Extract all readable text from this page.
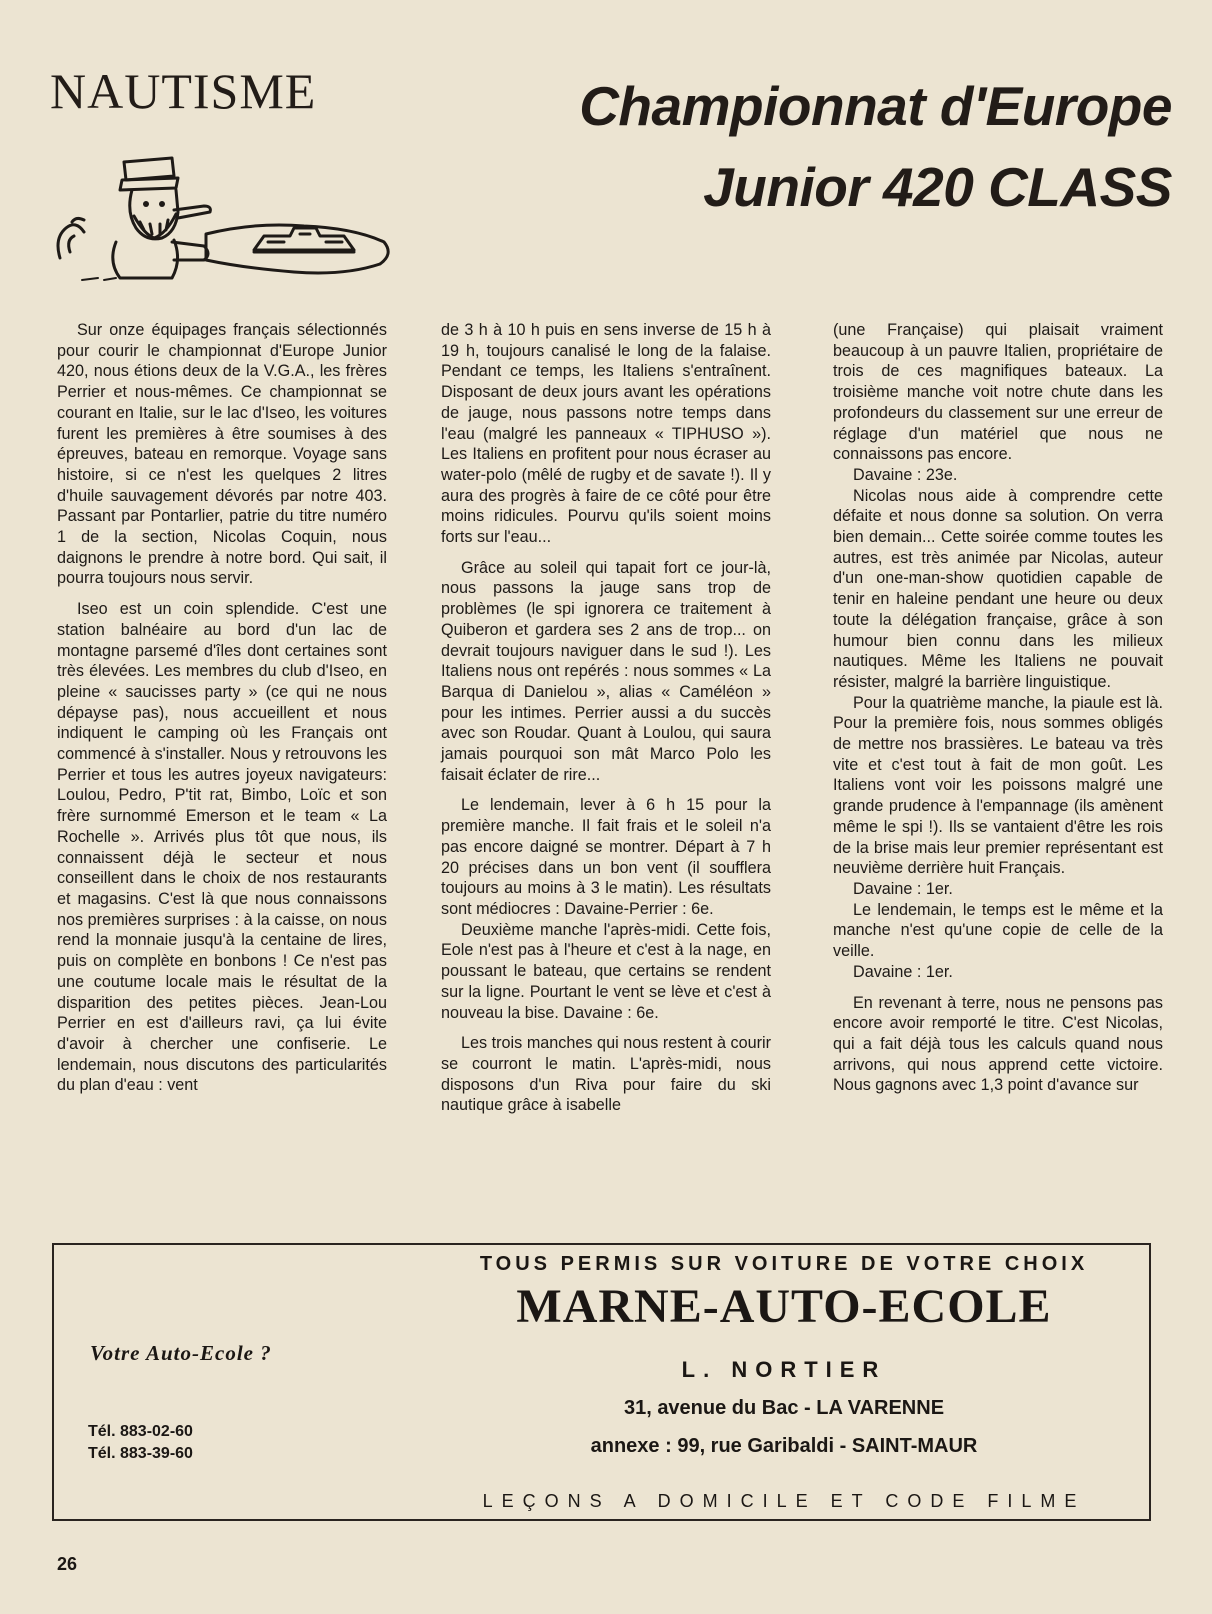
NAUTISME	Championnat d'Europe
Junior 420 CLASS

Sur onze équipages français sélectionnés pour courir le championnat d'Europe Junior 420, nous étions deux de la V.G.A., les frères Perrier et nous-mêmes. Ce championnat se courant en Italie, sur le lac d'Iseo, les voitures furent les premières à être soumises à des épreuves, bateau en remorque. Voyage sans histoire, si ce n'est les quelques 2 litres d'huile sauvagement dévorés par notre 403. Passant par Pontarlier, patrie du titre numéro 1 de la section, Nicolas Coquin, nous daignons le prendre à notre bord. Qui sait, il pourra toujours nous servir.

Iseo est un coin splendide. C'est une station balnéaire au bord d'un lac de montagne parsemé d'îles dont certaines sont très élevées. Les membres du club d'Iseo, en pleine « saucisses party » (ce qui ne nous dépayse pas), nous accueillent et nous indiquent le camping où les Français ont commencé à s'installer. Nous y retrouvons les Perrier et tous les autres joyeux navigateurs: Loulou, Pedro, P'tit rat, Bimbo, Loïc et son frère surnommé Emerson et le team « La Rochelle ». Arrivés plus tôt que nous, ils connaissent déjà le secteur et nous conseillent dans le choix de nos restaurants et magasins. C'est là que nous connaissons nos premières surprises : à la caisse, on nous rend la monnaie jusqu'à la centaine de lires, puis on complète en bonbons ! Ce n'est pas une coutume locale mais le résultat de la disparition des petites pièces. Jean-Lou Perrier en est d'ailleurs ravi, ça lui évite d'avoir à chercher une confiserie. Le lendemain, nous discutons des particularités du plan d'eau : vent

de 3 h à 10 h puis en sens inverse de 15 h à 19 h, toujours canalisé le long de la falaise. Pendant ce temps, les Italiens s'entraînent. Disposant de deux jours avant les opérations de jauge, nous passons notre temps dans l'eau (malgré les panneaux « TIPHUSO »). Les Italiens en profitent pour nous écraser au water-polo (mêlé de rugby et de savate !). Il y aura des progrès à faire de ce côté pour être moins ridicules. Pourvu qu'ils soient moins forts sur l'eau...

Grâce au soleil qui tapait fort ce jour-là, nous passons la jauge sans trop de problèmes (le spi ignorera ce traitement à Quiberon et gardera ses 2 ans de trop... on devrait toujours naviguer dans le sud !). Les Italiens nous ont repérés : nous sommes « La Barqua di Danielou », alias « Caméléon » pour les intimes. Perrier aussi a du succès avec son Roudar. Quant à Loulou, qui saura jamais pourquoi son mât Marco Polo les faisait éclater de rire...

Le lendemain, lever à 6 h 15 pour la première manche. Il fait frais et le soleil n'a pas encore daigné se montrer. Départ à 7 h 20 précises dans un bon vent (il soufflera toujours au moins à 3 le matin). Les résultats sont médiocres : Davaine-Perrier : 6e.

Deuxième manche l'après-midi. Cette fois, Eole n'est pas à l'heure et c'est à la nage, en poussant le bateau, que certains se rendent sur la ligne. Pourtant le vent se lève et c'est à nouveau la bise. Davaine : 6e.

Les trois manches qui nous restent à courir se courront le matin. L'après-midi, nous disposons d'un Riva pour faire du ski nautique grâce à isabelle

(une Française) qui plaisait vraiment beaucoup à un pauvre Italien, propriétaire de trois de ces magnifiques bateaux. La troisième manche voit notre chute dans les profondeurs du classement sur une erreur de réglage d'un matériel que nous ne connaissons pas encore.

Davaine : 23e.

Nicolas nous aide à comprendre cette défaite et nous donne sa solution. On verra bien demain... Cette soirée comme toutes les autres, est très animée par Nicolas, auteur d'un one-man-show quotidien capable de tenir en haleine pendant une heure ou deux toute la délégation française, grâce à son humour bien connu dans les milieux nautiques. Même les Italiens ne pouvait résister, malgré la barrière linguistique.

Pour la quatrième manche, la piaule est là. Pour la première fois, nous sommes obligés de mettre nos brassières. Le bateau va très vite et c'est tout à fait de mon goût. Les Italiens vont voir les poissons malgré une grande prudence à l'empannage (ils amènent même le spi !). Ils se vantaient d'être les rois de la brise mais leur premier représentant est neuvième derrière huit Français.

Davaine : 1er.

Le lendemain, le temps est le même et la manche n'est qu'une copie de celle de la veille.

Davaine : 1er.

En revenant à terre, nous ne pensons pas encore avoir remporté le titre. C'est Nicolas, qui a fait déjà tous les calculs quand nous arrivons, qui nous apprend cette victoire. Nous gagnons avec 1,3 point d'avance sur

Votre Auto-Ecole ?
Tél. 883-02-60
Tél. 883-39-60
TOUS PERMIS SUR VOITURE DE VOTRE CHOIX
MARNE-AUTO-ECOLE
L. NORTIER
31, avenue du Bac - LA VARENNE
annexe : 99, rue Garibaldi - SAINT-MAUR
LEÇONS A DOMICILE ET CODE FILME
26
